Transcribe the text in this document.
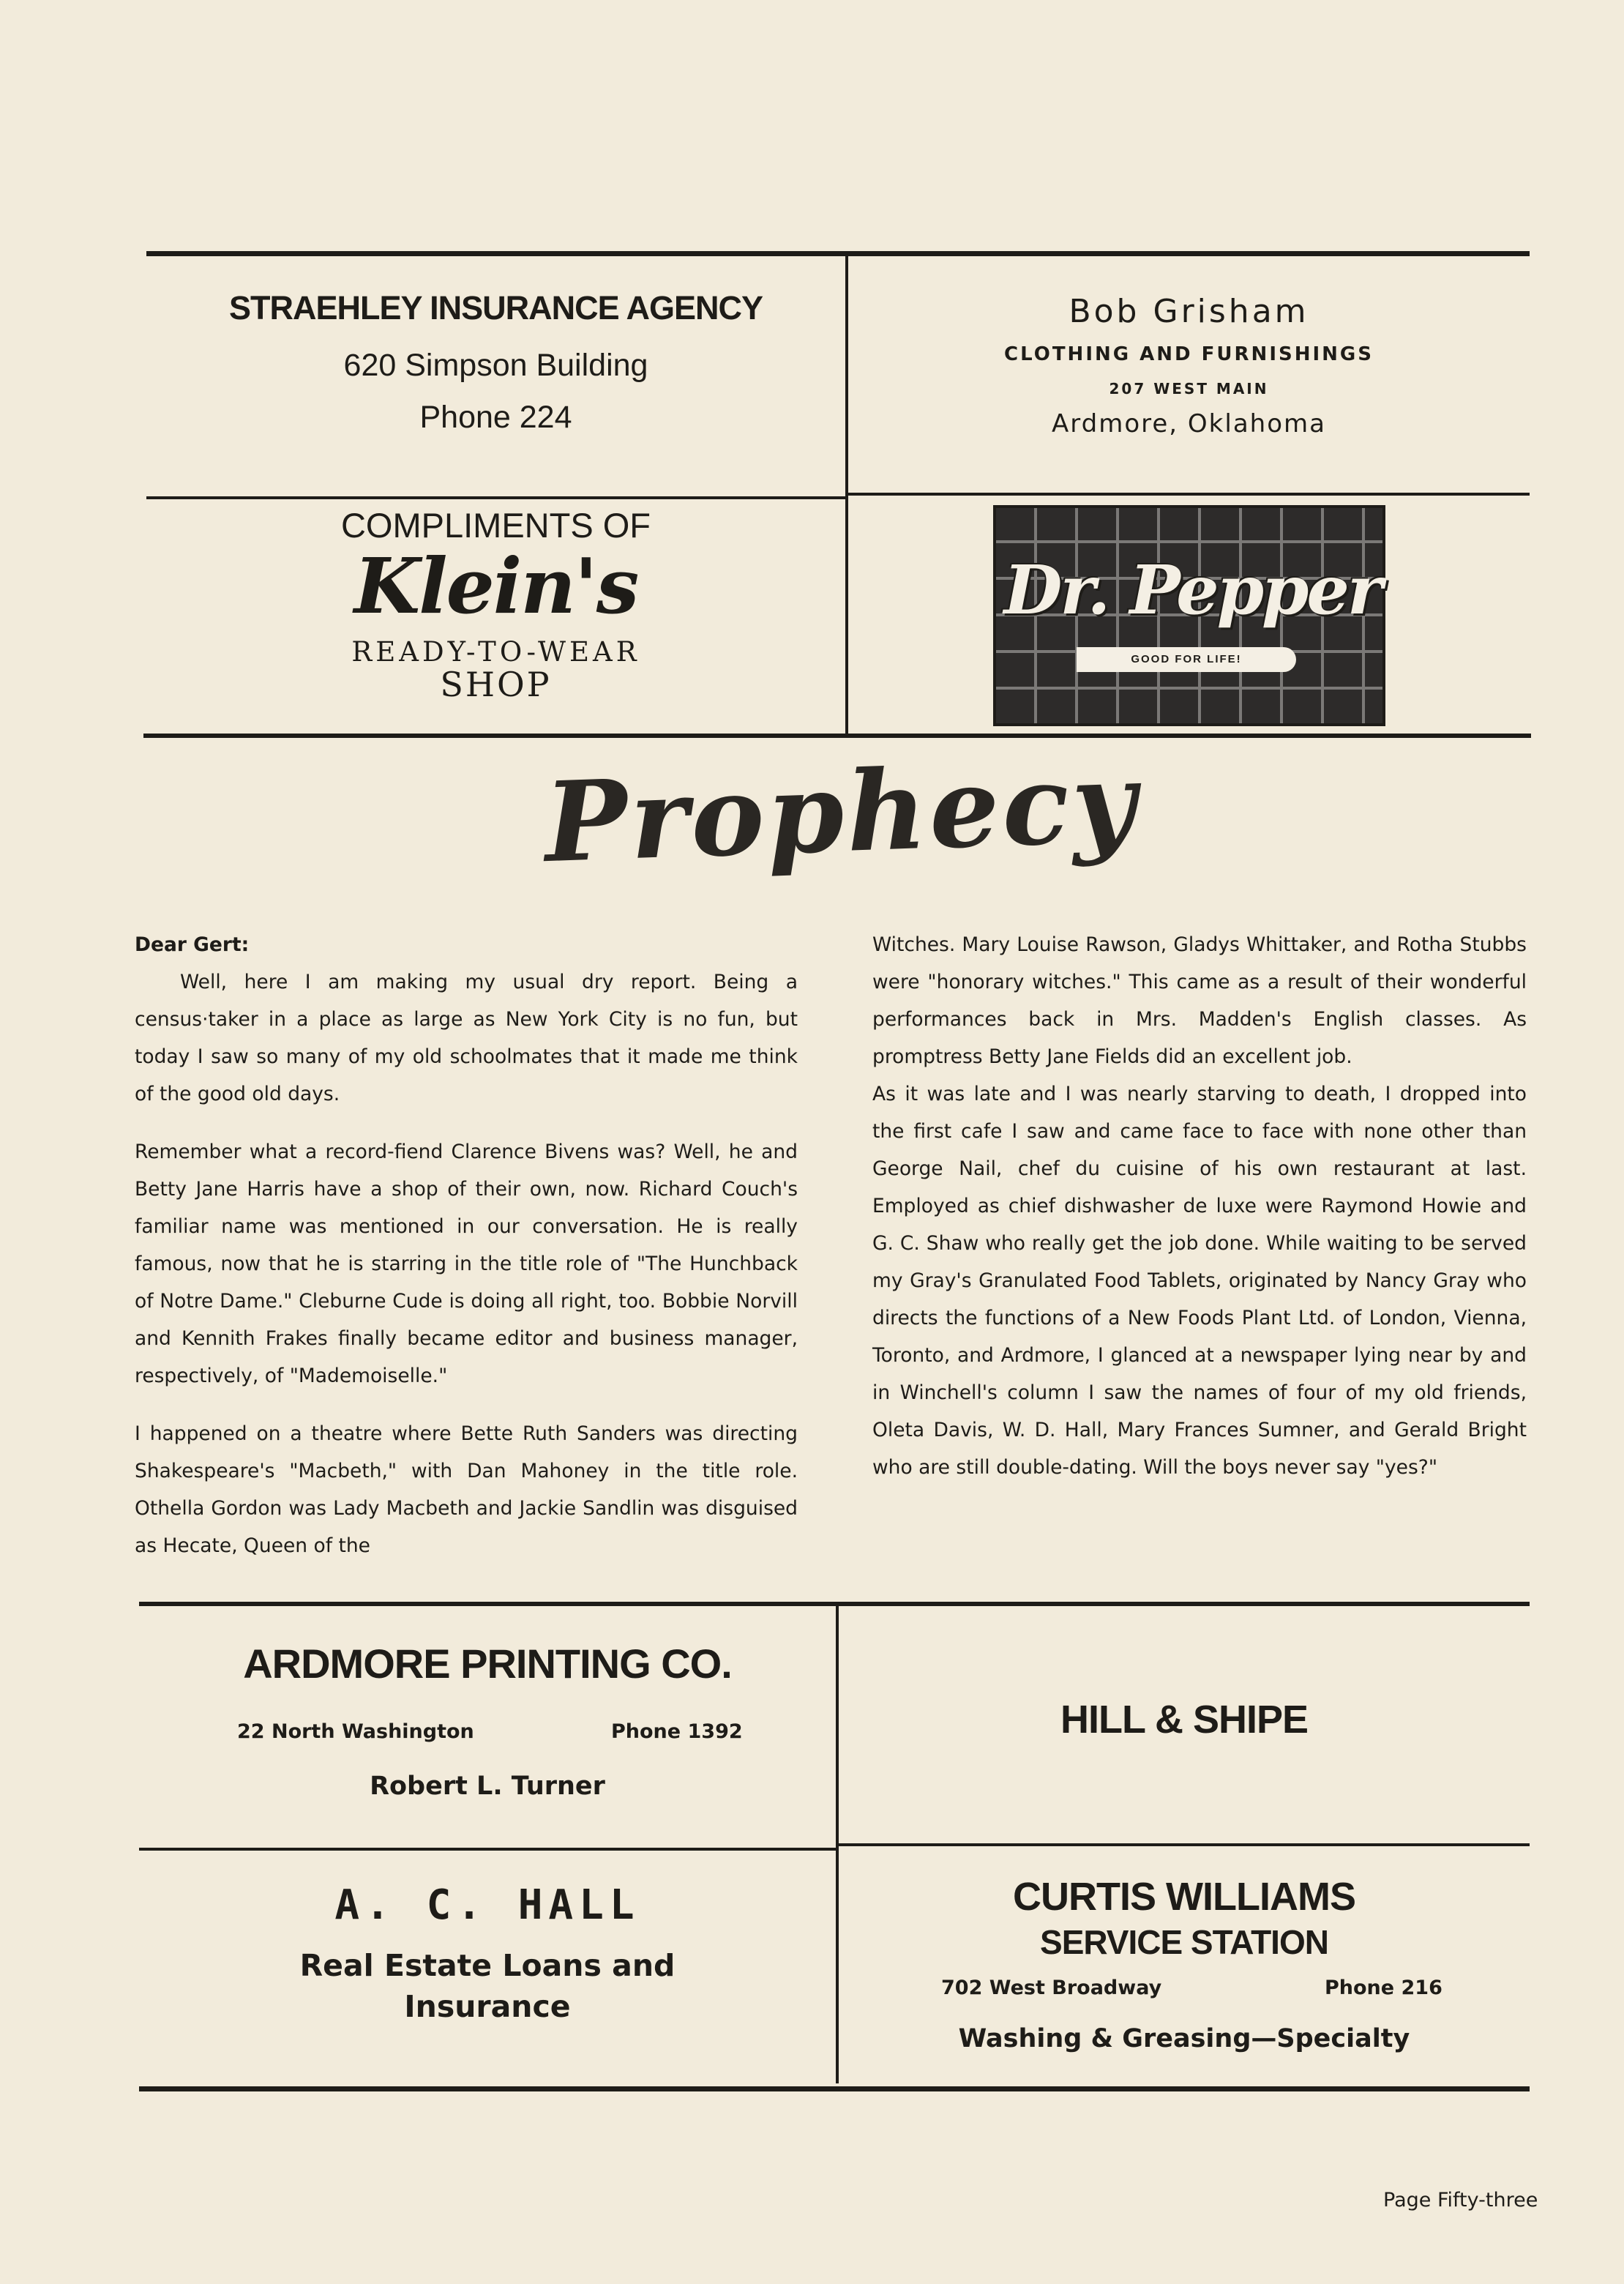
STRAEHLEY INSURANCE AGENCY
620 Simpson Building
Phone 224
Bob Grisham
CLOTHING AND FURNISHINGS
207 WEST MAIN
Ardmore, Oklahoma
COMPLIMENTS OF
Klein's
READY-TO-WEAR
SHOP
Dr. Pepper
GOOD FOR LIFE!
Prophecy

Dear Gert:

Well, here I am making my usual dry report. Being a census·taker in a place as large as New York City is no fun, but today I saw so many of my old schoolmates that it made me think of the good old days.

Remember what a record-fiend Clarence Bivens was? Well, he and Betty Jane Harris have a shop of their own, now. Richard Couch's familiar name was mentioned in our conversation. He is really famous, now that he is starring in the title role of "The Hunchback of Notre Dame." Cleburne Cude is doing all right, too. Bobbie Norvill and Kennith Frakes finally became editor and business manager, respectively, of "Mademoiselle."

I happened on a theatre where Bette Ruth Sanders was directing Shakespeare's "Macbeth," with Dan Mahoney in the title role. Othella Gordon was Lady Macbeth and Jackie Sandlin was disguised as Hecate, Queen of the

Witches. Mary Louise Rawson, Gladys Whittaker, and Rotha Stubbs were "honorary witches." This came as a result of their wonderful performances back in Mrs. Madden's English classes. As promptress Betty Jane Fields did an excellent job.

As it was late and I was nearly starving to death, I dropped into the first cafe I saw and came face to face with none other than George Nail, chef du cuisine of his own restaurant at last. Employed as chief dishwasher de luxe were Raymond Howie and G. C. Shaw who really get the job done. While waiting to be served my Gray's Granulated Food Tablets, originated by Nancy Gray who directs the functions of a New Foods Plant Ltd. of London, Vienna, Toronto, and Ardmore, I glanced at a newspaper lying near by and in Winchell's column I saw the names of four of my old friends, Oleta Davis, W. D. Hall, Mary Frances Sumner, and Gerald Bright who are still double-dating. Will the boys never say "yes?"

ARDMORE PRINTING CO.
22 North Washington	Phone 1392
Robert L. Turner
HILL & SHIPE
A. C. HALL
Real Estate Loans and
Insurance
CURTIS WILLIAMS
SERVICE STATION
702 West Broadway	Phone 216
Washing & Greasing—Specialty
Page Fifty-three
